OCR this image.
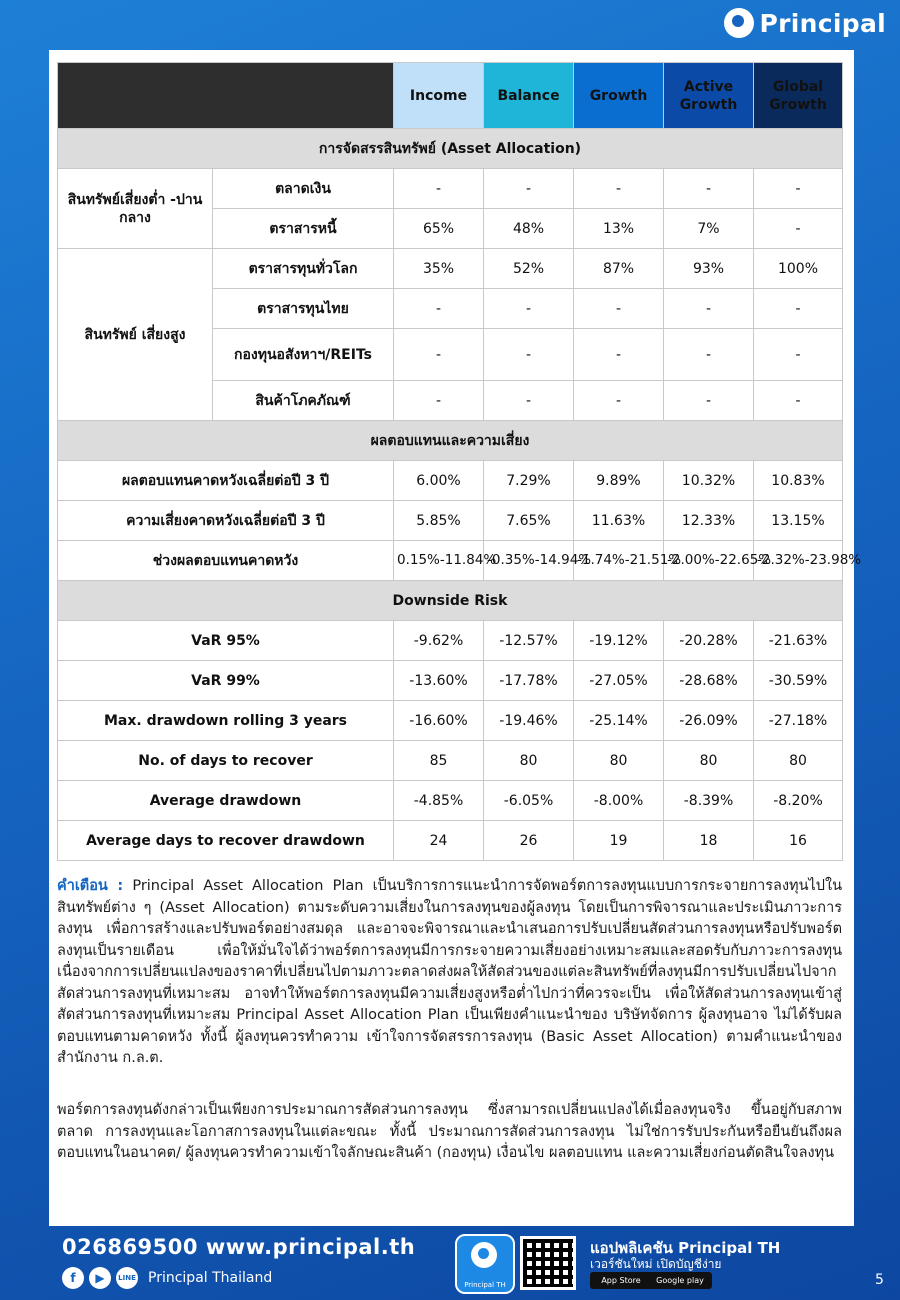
Principal
		Income	Balance	Growth	Active Growth	Global Growth
การจัดสรรสินทรัพย์ (Asset Allocation)						
สินทรัพย์เสี่ยงต่ำ -ปานกลาง	ตลาดเงิน	-	-	-	-	-
	ตราสารหนี้	65%	48%	13%	7%	-
สินทรัพย์ เสี่ยงสูง	ตราสารทุนทั่วโลก	35%	52%	87%	93%	100%
	ตราสารทุนไทย	-	-	-	-	-
	กองทุนอสังหาฯ/REITs	-	-	-	-	-
	สินค้าโภคภัณฑ์	-	-	-	-	-
ผลตอบแทนและความเสี่ยง						
ผลตอบแทนคาดหวังเฉลี่ยต่อปี 3 ปี		6.00%	7.29%	9.89%	10.32%	10.83%
ความเสี่ยงคาดหวังเฉลี่ยต่อปี 3 ปี		5.85%	7.65%	11.63%	12.33%	13.15%
ช่วงผลตอบแทนคาดหวัง		0.15%-11.84%	-0.35%-14.94%	-1.74%-21.51%	-2.00%-22.65%	-2.32%-23.98%
Downside Risk						
VaR 95%		-9.62%	-12.57%	-19.12%	-20.28%	-21.63%
VaR 99%		-13.60%	-17.78%	-27.05%	-28.68%	-30.59%
Max. drawdown rolling 3 years		-16.60%	-19.46%	-25.14%	-26.09%	-27.18%
No. of days to recover		85	80	80	80	80
Average drawdown		-4.85%	-6.05%	-8.00%	-8.39%	-8.20%
Average days to recover drawdown		24	26	19	18	16

คำเตือน : Principal Asset Allocation Plan เป็นบริการการแนะนำการจัดพอร์ตการลงทุนแบบการกระจายการลงทุนไปในสินทรัพย์ต่าง ๆ (Asset Allocation) ตามระดับความเสี่ยงในการลงทุนของผู้ลงทุน โดยเป็นการพิจารณาและประเมินภาวะการลงทุน เพื่อการสร้างและปรับพอร์ตอย่างสมดุล และอาจจะพิจารณาและนำเสนอการปรับเปลี่ยนสัดส่วนการลงทุนหรือปรับพอร์ตลงทุนเป็นรายเดือน เพื่อให้มั่นใจได้ว่าพอร์ตการลงทุนมีการกระจายความเสี่ยงอย่างเหมาะสมและสอดรับกับภาวะการลงทุน เนื่องจากการเปลี่ยนแปลงของราคาที่เปลี่ยนไปตามภาวะตลาดส่งผลให้สัดส่วนของแต่ละสินทรัพย์ที่ลงทุนมีการปรับเปลี่ยนไปจากสัดส่วนการลงทุนที่เหมาะสม อาจทำให้พอร์ตการลงทุนมีความเสี่ยงสูงหรือต่ำไปกว่าที่ควรจะเป็น เพื่อให้สัดส่วนการลงทุนเข้าสู่สัดส่วนการลงทุนที่เหมาะสม Principal Asset Allocation Plan เป็นเพียงคำแนะนำของ บริษัทจัดการ ผู้ลงทุนอาจ ไม่ได้รับผลตอบแทนตามคาดหวัง ทั้งนี้ ผู้ลงทุนควรทำความ เข้าใจการจัดสรรการลงทุน (Basic Asset Allocation) ตามคำแนะนำของสำนักงาน ก.ล.ต.

พอร์ตการลงทุนดังกล่าวเป็นเพียงการประมาณการสัดส่วนการลงทุน ซึ่งสามารถเปลี่ยนแปลงได้เมื่อลงทุนจริง ขึ้นอยู่กับสภาพตลาด การลงทุนและโอกาสการลงทุนในแต่ละขณะ ทั้งนี้ ประมาณการสัดส่วนการลงทุน ไม่ใช่การรับประกันหรือยืนยันถึงผลตอบแทนในอนาคต/ ผู้ลงทุนควรทำความเข้าใจลักษณะสินค้า (กองทุน) เงื่อนไข ผลตอบแทน และความเสี่ยงก่อนตัดสินใจลงทุน

026869500 www.principal.th
f	▶	LINE Principal Thailand	Principal TH
แอปพลิเคชัน Principal TH
เวอร์ชันใหม่ เปิดบัญชีง่าย
App Store	Google play	5
